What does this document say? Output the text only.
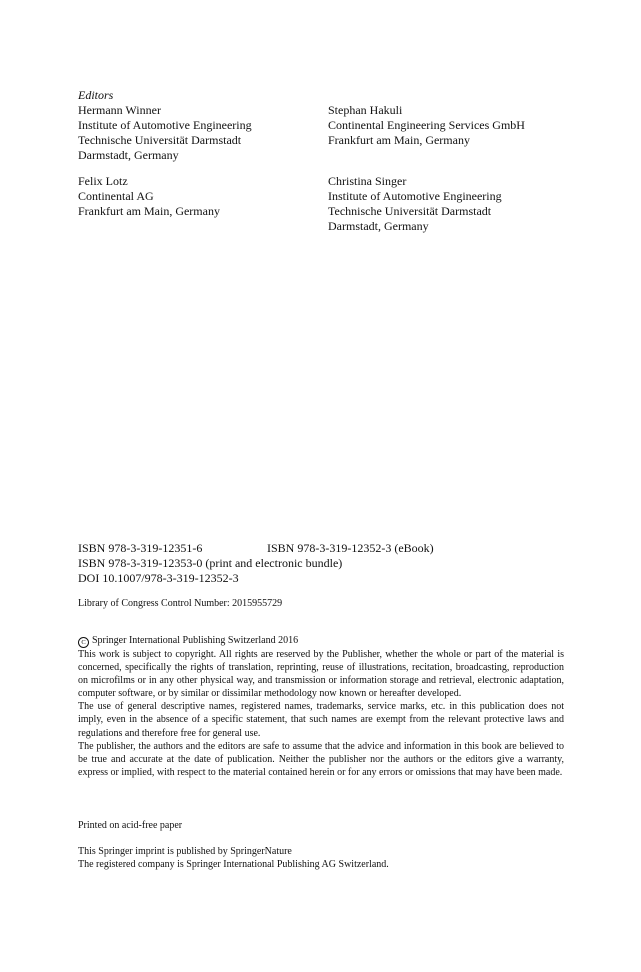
Editors

Hermann Winner
Institute of Automotive Engineering
Technische Universität Darmstadt
Darmstadt, Germany
Stephan Hakuli
Continental Engineering Services GmbH
Frankfurt am Main, Germany
Felix Lotz
Continental AG
Frankfurt am Main, Germany
Christina Singer
Institute of Automotive Engineering
Technische Universität Darmstadt
Darmstadt, Germany
ISBN 978-3-319-12351-6	ISBN 978-3-319-12352-3 (eBook)
ISBN 978-3-319-12353-0 (print and electronic bundle)
DOI 10.1007/978-3-319-12352-3
Library of Congress Control Number: 2015955729
C Springer International Publishing Switzerland 2016

This work is subject to copyright. All rights are reserved by the Publisher, whether the whole or part of the material is concerned, specifically the rights of translation, reprinting, reuse of illustrations, recitation, broadcasting, reproduction on microfilms or in any other physical way, and transmission or information storage and retrieval, electronic adaptation, computer software, or by similar or dissimilar methodology now known or hereafter developed.

The use of general descriptive names, registered names, trademarks, service marks, etc. in this publication does not imply, even in the absence of a specific statement, that such names are exempt from the relevant protective laws and regulations and therefore free for general use.

The publisher, the authors and the editors are safe to assume that the advice and information in this book are believed to be true and accurate at the date of publication. Neither the publisher nor the authors or the editors give a warranty, express or implied, with respect to the material contained herein or for any errors or omissions that may have been made.

Printed on acid-free paper
This Springer imprint is published by SpringerNature
The registered company is Springer International Publishing AG Switzerland.
